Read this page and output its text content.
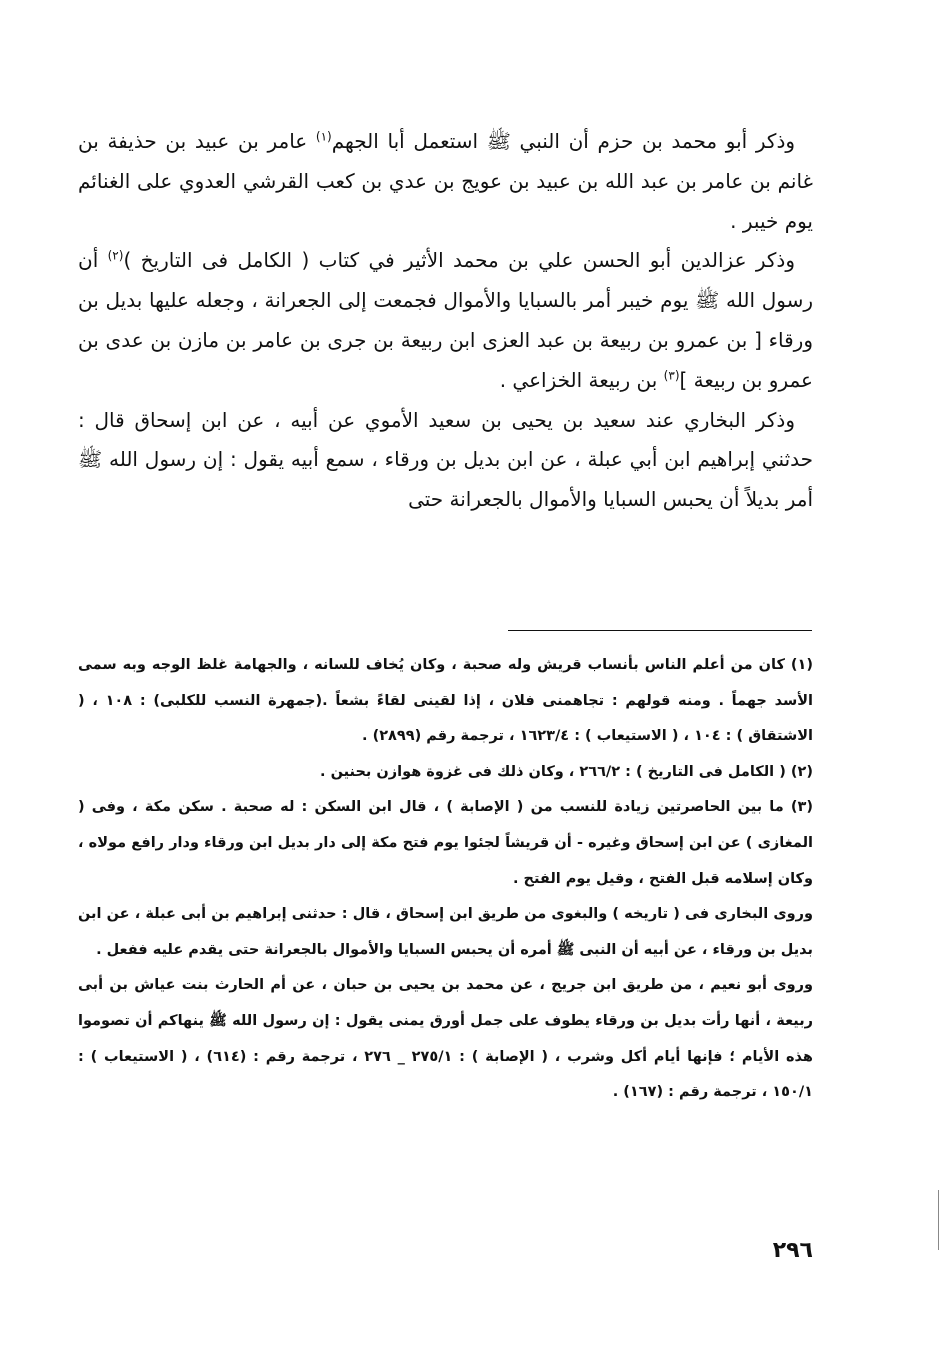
وذكر أبو محمد بن حزم أن النبي ﷺ استعمل أبا الجهم$^{(١)}$ عامر بن عبيد بن حذيفة بن غانم بن عامر بن عبد الله بن عبيد بن عويج بن عدي بن كعب القرشي العدوي على الغنائم يوم خيبر .

وذكر عزالدين أبو الحسن علي بن محمد الأثير في كتاب ( الكامل فى التاريخ )$^{(٢)}$ أن رسول الله ﷺ يوم خيبر أمر بالسبايا والأموال فجمعت إلى الجعرانة ، وجعله عليها بديل بن ورقاء [ بن عمرو بن ربيعة بن عبد العزى ابن ربيعة بن جرى بن عامر بن مازن بن عدى بن عمرو بن ربيعة ]$^{(٣)}$ بن ربيعة الخزاعي .

وذكر البخاري عند سعيد بن يحيى بن سعيد الأموي عن أبيه ، عن ابن إسحاق قال : حدثني إبراهيم ابن أبي عبلة ، عن ابن بديل بن ورقاء ، سمع أبيه يقول : إن رسول الله ﷺ أمر بديلاً أن يحبس السبايا والأموال بالجعرانة حتى

(١) كان من أعلم الناس بأنساب قريش وله صحبة ، وكان يُخاف للسانه ، والجهامة غلظ الوجه وبه سمى الأسد جهماً . ومنه قولهم : تجاهمنى فلان ، إذا لقينى لقاءً بشعاً .(جمهرة النسب للكلبى) : ١٠٨ ، ( الاشتقاق ) : ١٠٤ ، ( الاستيعاب ) : ١٦٢٣/٤ ، ترجمة رقم (٢٨٩٩) .

(٢) ( الكامل فى التاريخ ) : ٢٦٦/٢ ، وكان ذلك فى غزوة هوازن بحنين .

(٣) ما بين الحاصرتين زيادة للنسب من ( الإصابة ) ، قال ابن السكن : له صحبة . سكن مكة ، وفى ( المغازى ) عن ابن إسحاق وغيره - أن قريشاً لجئوا يوم فتح مكة إلى دار بديل ابن ورقاء ودار رافع مولاه ، وكان إسلامه قبل الفتح ، وقيل يوم الفتح .

وروى البخارى فى ( تاريخه ) والبغوى من طريق ابن إسحاق ، قال : حدثنى إبراهيم بن أبى عبلة ، عن ابن بديل بن ورقاء ، عن أبيه أن النبى ﷺ أمره أن يحبس السبايا والأموال بالجعرانة حتى يقدم عليه ففعل .

وروى أبو نعيم ، من طريق ابن جريج ، عن محمد بن يحيى بن حبان ، عن أم الحارث بنت عياش بن أبى ربيعة ، أنها رأت بديل بن ورقاء يطوف على جمل أورق يمنى يقول : إن رسول الله ﷺ ينهاكم أن تصوموا هذه الأيام ؛ فإنها أيام أكل وشرب ، ( الإصابة ) : ٢٧٥/١ _ ٢٧٦ ، ترجمة رقم : (٦١٤) ، ( الاستيعاب ) : ١٥٠/١ ، ترجمة رقم : (١٦٧) .

٢٩٦
